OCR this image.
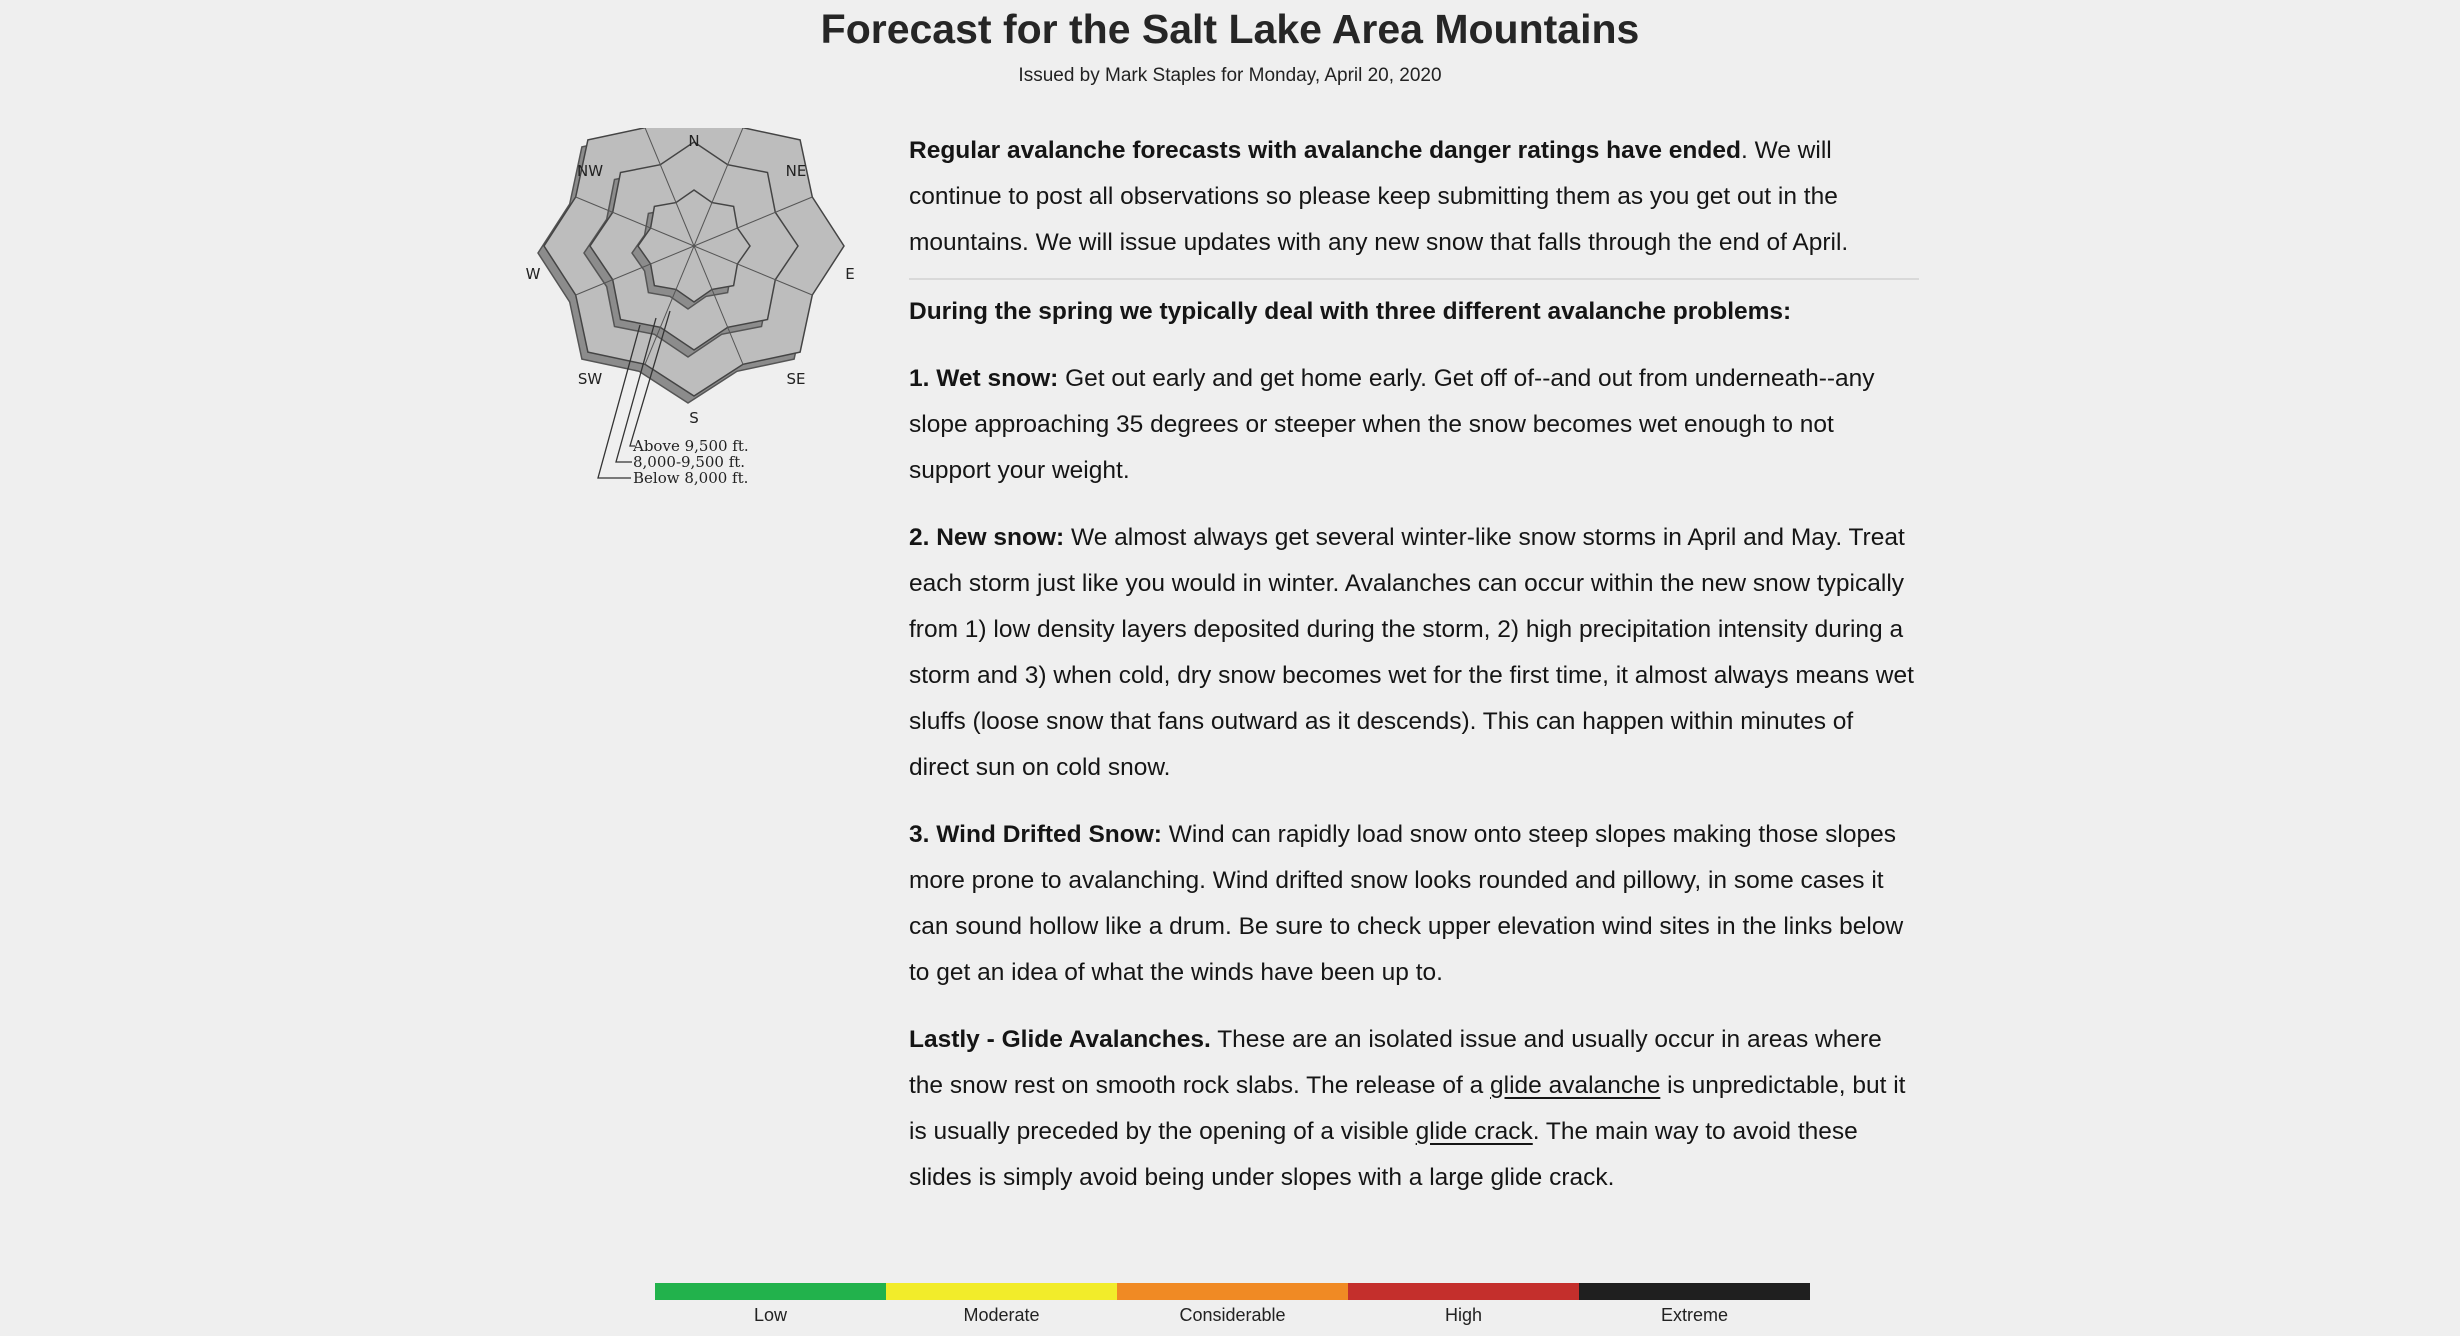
Forecast for the Salt Lake Area Mountains
Issued by Mark Staples for Monday, April 20, 2020
N
NE
E
SE
S
SW
W
NW
Above 9,500 ft.
8,000-9,500 ft.
Below 8,000 ft.

Regular avalanche forecasts with avalanche danger ratings have ended. We will continue to post all observations so please keep submitting them as you get out in the mountains. We will issue updates with any new snow that falls through the end of April.

During the spring we typically deal with three different avalanche problems:

1. Wet snow: Get out early and get home early. Get off of--and out from underneath--any slope approaching 35 degrees or steeper when the snow becomes wet enough to not support your weight.

2. New snow: We almost always get several winter-like snow storms in April and May. Treat each storm just like you would in winter. Avalanches can occur within the new snow typically from 1) low density layers deposited during the storm, 2) high precipitation intensity during a storm and 3) when cold, dry snow becomes wet for the first time, it almost always means wet sluffs (loose snow that fans outward as it descends). This can happen within minutes of direct sun on cold snow.

3. Wind Drifted Snow: Wind can rapidly load snow onto steep slopes making those slopes more prone to avalanching. Wind drifted snow looks rounded and pillowy, in some cases it can sound hollow like a drum. Be sure to check upper elevation wind sites in the links below to get an idea of what the winds have been up to.

Lastly - Glide Avalanches. These are an isolated issue and usually occur in areas where the snow rest on smooth rock slabs. The release of a glide avalanche is unpredictable, but it is usually preceded by the opening of a visible glide crack. The main way to avoid these slides is simply avoid being under slopes with a large glide crack.

Low	Moderate	Considerable	High	Extreme
